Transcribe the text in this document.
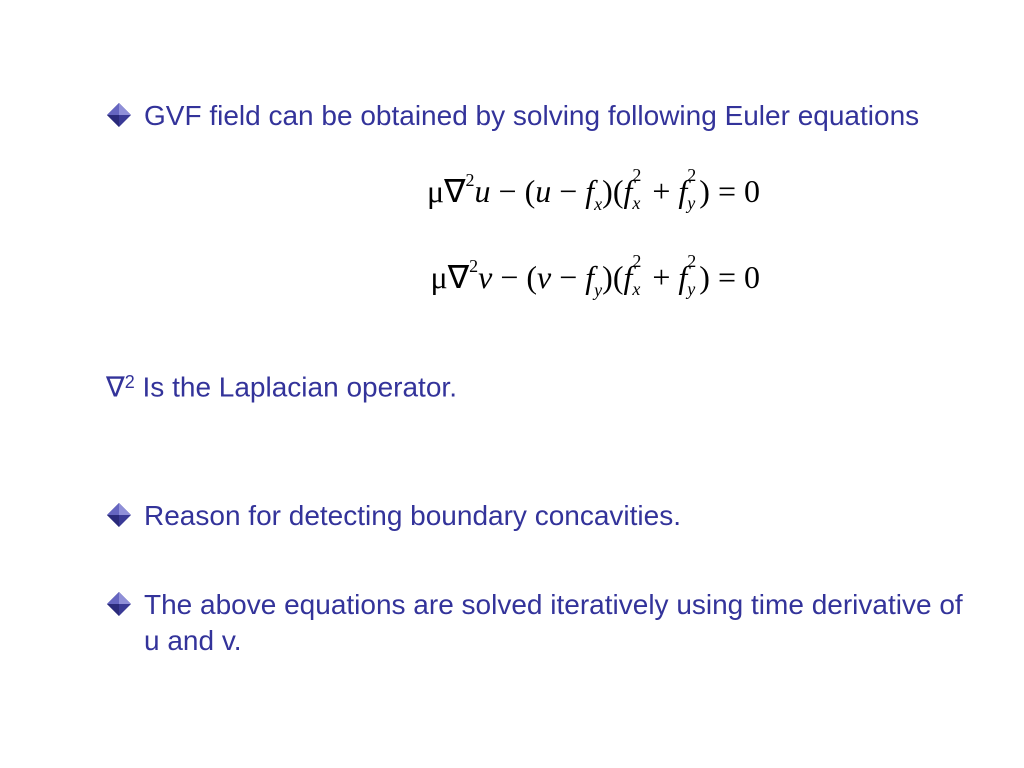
GVF field can be obtained by solving following Euler equations
$\mu\nabla^2u - (u - f_x)(f$ 2
x + f 2
y ) = 0
$\mu\nabla^2v - (v - f_y)(f$ 2
x + f 2
y ) = 0
∇$^2$ Is the Laplacian operator.
Reason for detecting boundary concavities.
The above equations are solved iteratively using time derivative of u and v.
